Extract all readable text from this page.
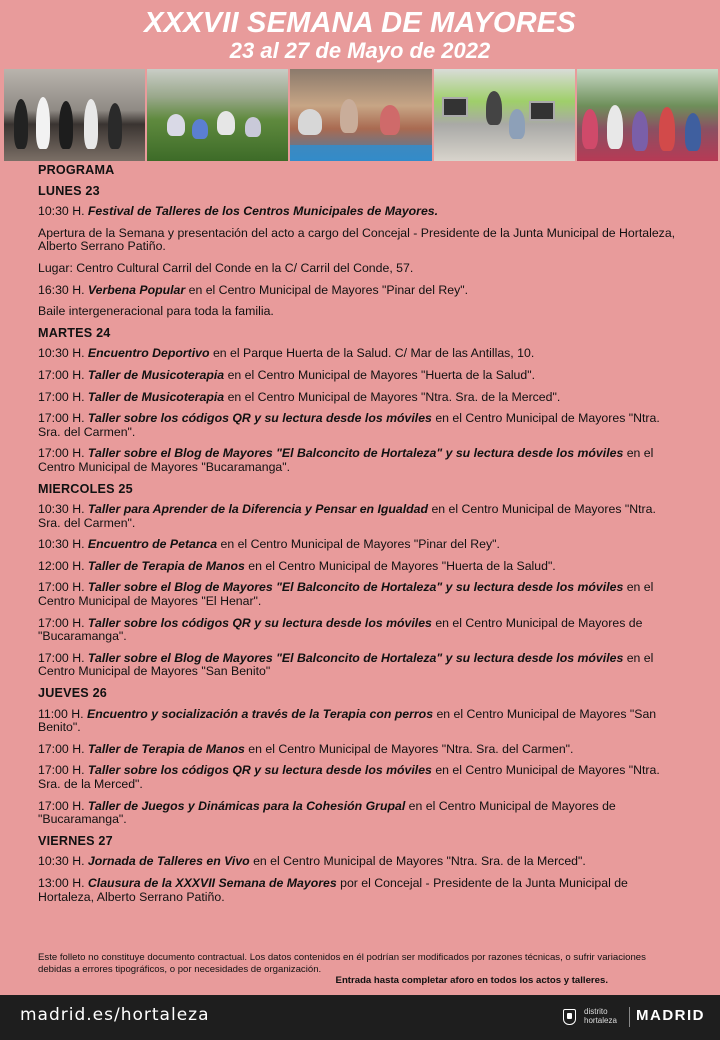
XXXVII SEMANA DE MAYORES
23 al 27 de Mayo de 2022
PROGRAMA
LUNES 23
10:30 H. Festival de Talleres de los Centros Municipales de Mayores.
Apertura de la Semana y presentación del acto a cargo del Concejal - Presidente de la Junta Municipal de Hortaleza, Alberto Serrano Patiño.
Lugar: Centro Cultural Carril del Conde en la C/ Carril del Conde, 57.
16:30 H. Verbena Popular en el Centro Municipal de Mayores "Pinar del Rey".
Baile intergeneracional para toda la familia.
MARTES 24
10:30 H. Encuentro Deportivo en el Parque Huerta de la Salud. C/ Mar de las Antillas, 10.
17:00 H. Taller de Musicoterapia en el Centro Municipal de Mayores "Huerta de la Salud".
17:00 H. Taller de Musicoterapia en el Centro Municipal de Mayores "Ntra. Sra. de la Merced".
17:00 H. Taller sobre los códigos QR y su lectura desde los móviles en el Centro Municipal de Mayores "Ntra. Sra. del Carmen".
17:00 H. Taller sobre el Blog de Mayores "El Balconcito de Hortaleza" y su lectura desde los móviles en el Centro Municipal de Mayores "Bucaramanga".
MIERCOLES 25
10:30 H. Taller para Aprender de la Diferencia y Pensar en Igualdad en el Centro Municipal de Mayores "Ntra. Sra. del Carmen".
10:30 H. Encuentro de Petanca en el Centro Municipal de Mayores "Pinar del Rey".
12:00 H. Taller de Terapia de Manos en el Centro Municipal de Mayores "Huerta de la Salud".
17:00 H. Taller sobre el Blog de Mayores "El Balconcito de Hortaleza" y su lectura desde los móviles en el Centro Municipal de Mayores "El Henar".
17:00 H. Taller sobre los códigos QR y su lectura desde los móviles en el Centro Municipal de Mayores de "Bucaramanga".
17:00 H. Taller sobre el Blog de Mayores "El Balconcito de Hortaleza" y su lectura desde los móviles en el Centro Municipal de Mayores "San Benito"
JUEVES 26
11:00 H. Encuentro y socialización a través de la Terapia con perros en el Centro Municipal de Mayores "San Benito".
17:00 H. Taller de Terapia de Manos en el Centro Municipal de Mayores "Ntra. Sra. del Carmen".
17:00 H. Taller sobre los códigos QR y su lectura desde los móviles en el Centro Municipal de Mayores "Ntra. Sra. de la Merced".
17:00 H. Taller de Juegos y Dinámicas para la Cohesión Grupal en el Centro Municipal de Mayores de "Bucaramanga".
VIERNES 27
10:30 H. Jornada de Talleres en Vivo en el Centro Municipal de Mayores "Ntra. Sra. de la Merced".
13:00 H. Clausura de la XXXVII Semana de Mayores por el Concejal - Presidente de la Junta Municipal de Hortaleza, Alberto Serrano Patiño.
Este folleto no constituye documento contractual. Los datos contenidos en él podrían ser modificados por razones técnicas, o sufrir variaciones debidas a errores tipográficos, o por necesidades de organización.
Entrada hasta completar aforo en todos los actos y talleres.
madrid.es/hortaleza	distrito
hortaleza MADRID
